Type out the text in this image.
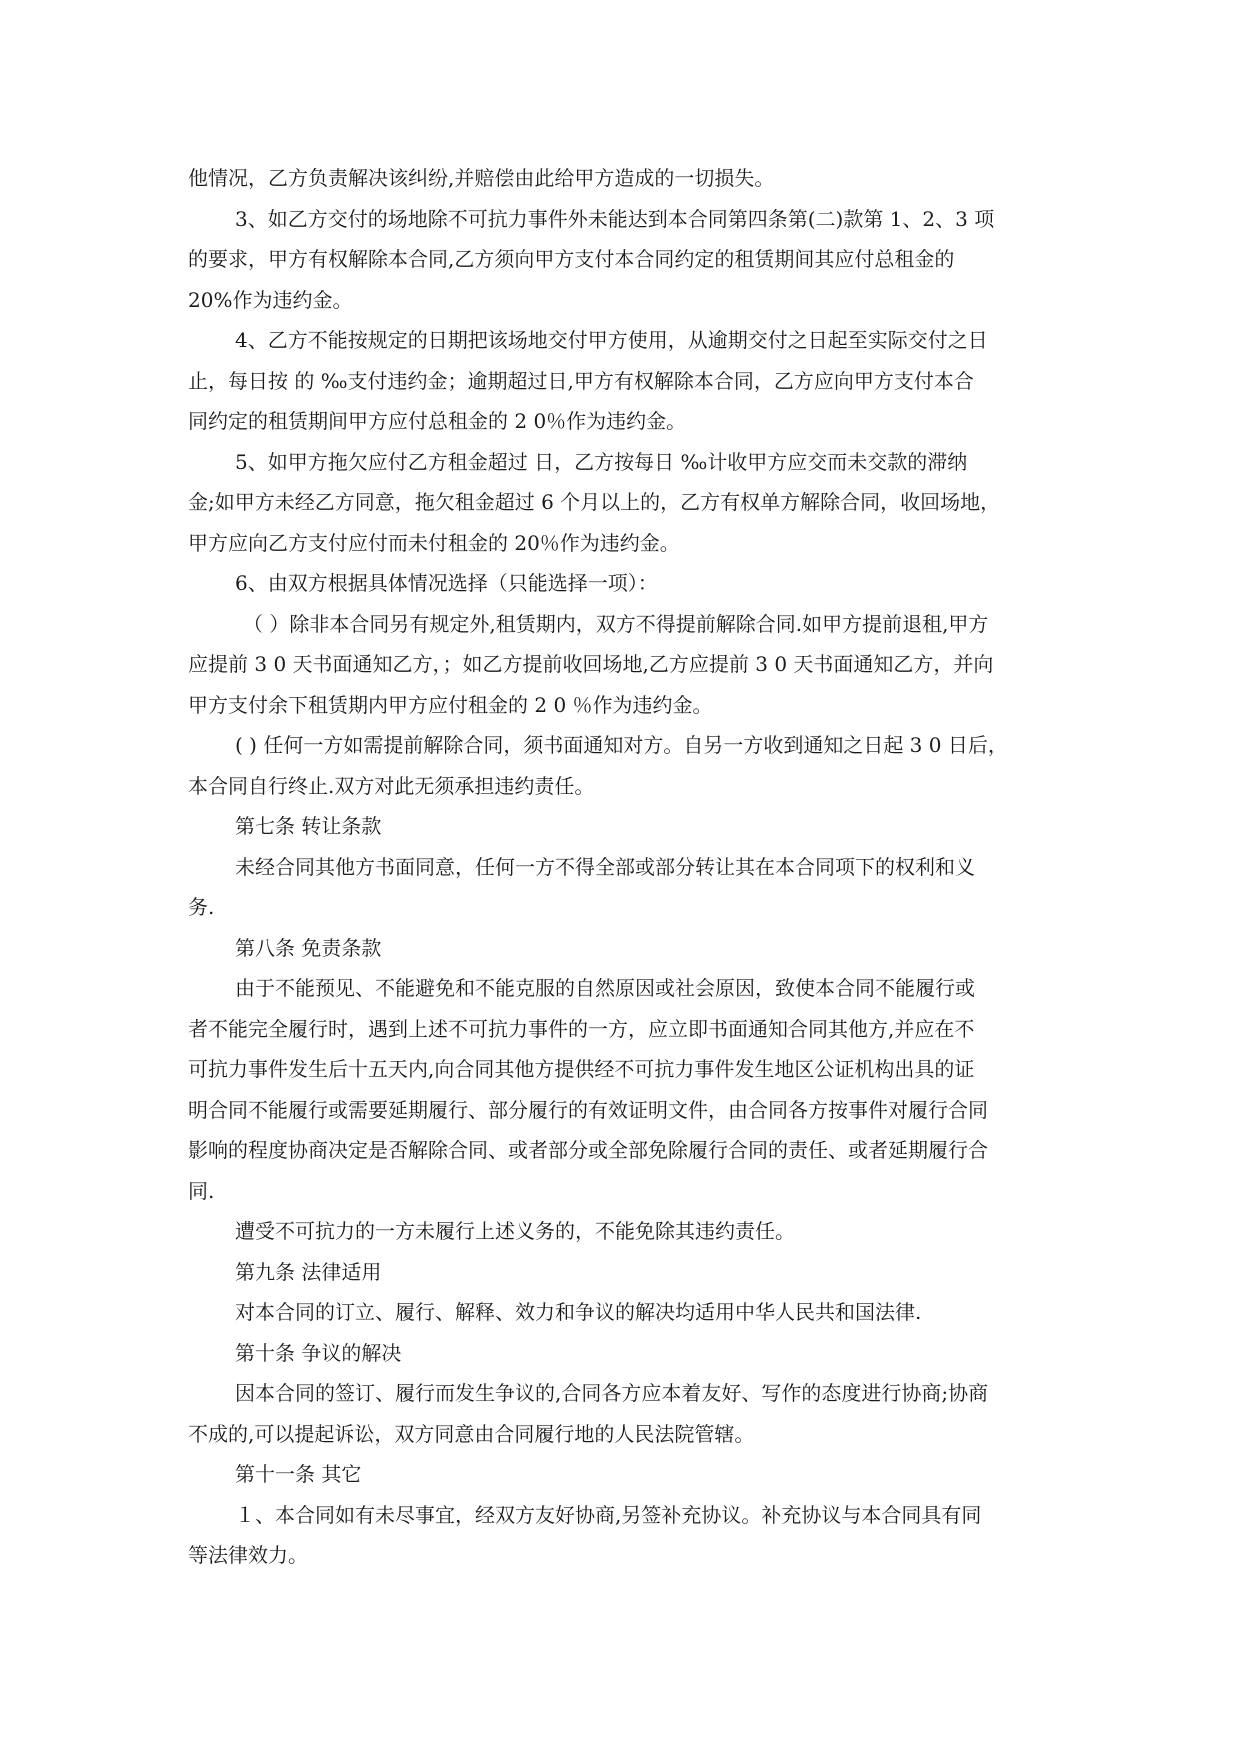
他情况，乙方负责解决该纠纷,并赔偿由此给甲方造成的一切损失。
3、如乙方交付的场地除不可抗力事件外未能达到本合同第四条第(二)款第 1、2、3 项
的要求，甲方有权解除本合同,乙方须向甲方支付本合同约定的租赁期间其应付总租金的
20%作为违约金。
4、乙方不能按规定的日期把该场地交付甲方使用，从逾期交付之日起至实际交付之日
止，每日按 的 ‰支付违约金；逾期超过日,甲方有权解除本合同，乙方应向甲方支付本合
同约定的租赁期间甲方应付总租金的 2 0％作为违约金。
5、如甲方拖欠应付乙方租金超过 日，乙方按每日 ‰计收甲方应交而未交款的滞纳
金;如甲方未经乙方同意，拖欠租金超过 6 个月以上的，乙方有权单方解除合同，收回场地，
甲方应向乙方支付应付而未付租金的 20％作为违约金。
6、由双方根据具体情况选择（只能选择一项）：
（ ）除非本合同另有规定外,租赁期内，双方不得提前解除合同.如甲方提前退租,甲方
应提前 3 0 天书面通知乙方，；如乙方提前收回场地,乙方应提前 3 0 天书面通知乙方，并向
甲方支付余下租赁期内甲方应付租金的 2 0 ％作为违约金。
( ) 任何一方如需提前解除合同，须书面通知对方。自另一方收到通知之日起 3 0 日后，
本合同自行终止.双方对此无须承担违约责任。
第七条 转让条款
未经合同其他方书面同意，任何一方不得全部或部分转让其在本合同项下的权利和义
务.
第八条 免责条款
由于不能预见、不能避免和不能克服的自然原因或社会原因，致使本合同不能履行或
者不能完全履行时，遇到上述不可抗力事件的一方，应立即书面通知合同其他方,并应在不
可抗力事件发生后十五天内,向合同其他方提供经不可抗力事件发生地区公证机构出具的证
明合同不能履行或需要延期履行、部分履行的有效证明文件，由合同各方按事件对履行合同
影响的程度协商决定是否解除合同、或者部分或全部免除履行合同的责任、或者延期履行合
同.
遭受不可抗力的一方未履行上述义务的，不能免除其违约责任。
第九条 法律适用
对本合同的订立、履行、解释、效力和争议的解决均适用中华人民共和国法律.
第十条 争议的解决
因本合同的签订、履行而发生争议的,合同各方应本着友好、写作的态度进行协商;协商
不成的,可以提起诉讼，双方同意由合同履行地的人民法院管辖。
第十一条 其它
１、本合同如有未尽事宜，经双方友好协商,另签补充协议。补充协议与本合同具有同
等法律效力。
